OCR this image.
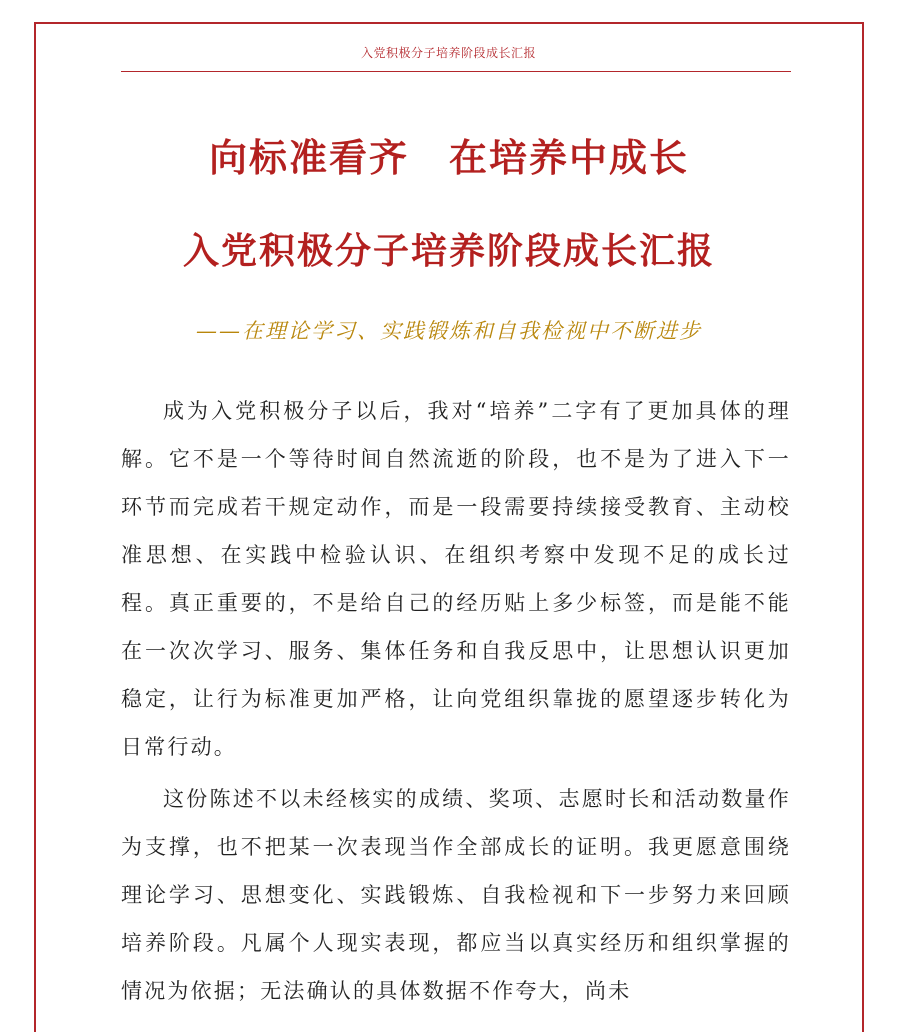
入党积极分子培养阶段成长汇报
向标准看齐　在培养中成长
入党积极分子培养阶段成长汇报
——在理论学习、实践锻炼和自我检视中不断进步

成为入党积极分子以后，我对“培养”二字有了更加具体的理解。它不是一个等待时间自然流逝的阶段，也不是为了进入下一环节而完成若干规定动作，而是一段需要持续接受教育、主动校准思想、在实践中检验认识、在组织考察中发现不足的成长过程。真正重要的，不是给自己的经历贴上多少标签，而是能不能在一次次学习、服务、集体任务和自我反思中，让思想认识更加稳定，让行为标准更加严格，让向党组织靠拢的愿望逐步转化为日常行动。

这份陈述不以未经核实的成绩、奖项、志愿时长和活动数量作为支撑，也不把某一次表现当作全部成长的证明。我更愿意围绕理论学习、思想变化、实践锻炼、自我检视和下一步努力来回顾培养阶段。凡属个人现实表现，都应当以真实经历和组织掌握的情况为依据；无法确认的具体数据不作夸大，尚未
